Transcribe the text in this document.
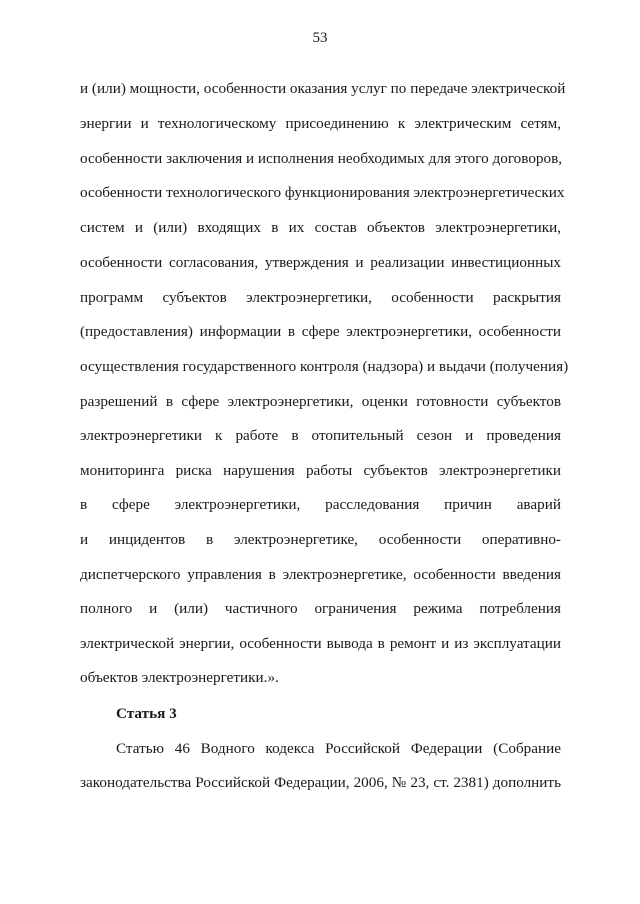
53
и (или) мощности, особенности оказания услуг по передаче электрической
энергии и технологическому присоединению к электрическим сетям,
особенности заключения и исполнения необходимых для этого договоров,
особенности технологического функционирования электроэнергетических
систем и (или) входящих в их состав объектов электроэнергетики,
особенности согласования, утверждения и реализации инвестиционных
программ субъектов электроэнергетики, особенности раскрытия
(предоставления) информации в сфере электроэнергетики, особенности
осуществления государственного контроля (надзора) и выдачи (получения)
разрешений в сфере электроэнергетики, оценки готовности субъектов
электроэнергетики к работе в отопительный сезон и проведения
мониторинга риска нарушения работы субъектов электроэнергетики
в сфере электроэнергетики, расследования причин аварий
и инцидентов в электроэнергетике, особенности оперативно-
диспетчерского управления в электроэнергетике, особенности введения
полного и (или) частичного ограничения режима потребления
электрической энергии, особенности вывода в ремонт и из эксплуатации
объектов электроэнергетики.».
Статья 3
Статью 46 Водного кодекса Российской Федерации (Собрание
законодательства Российской Федерации, 2006, № 23, ст. 2381) дополнить
